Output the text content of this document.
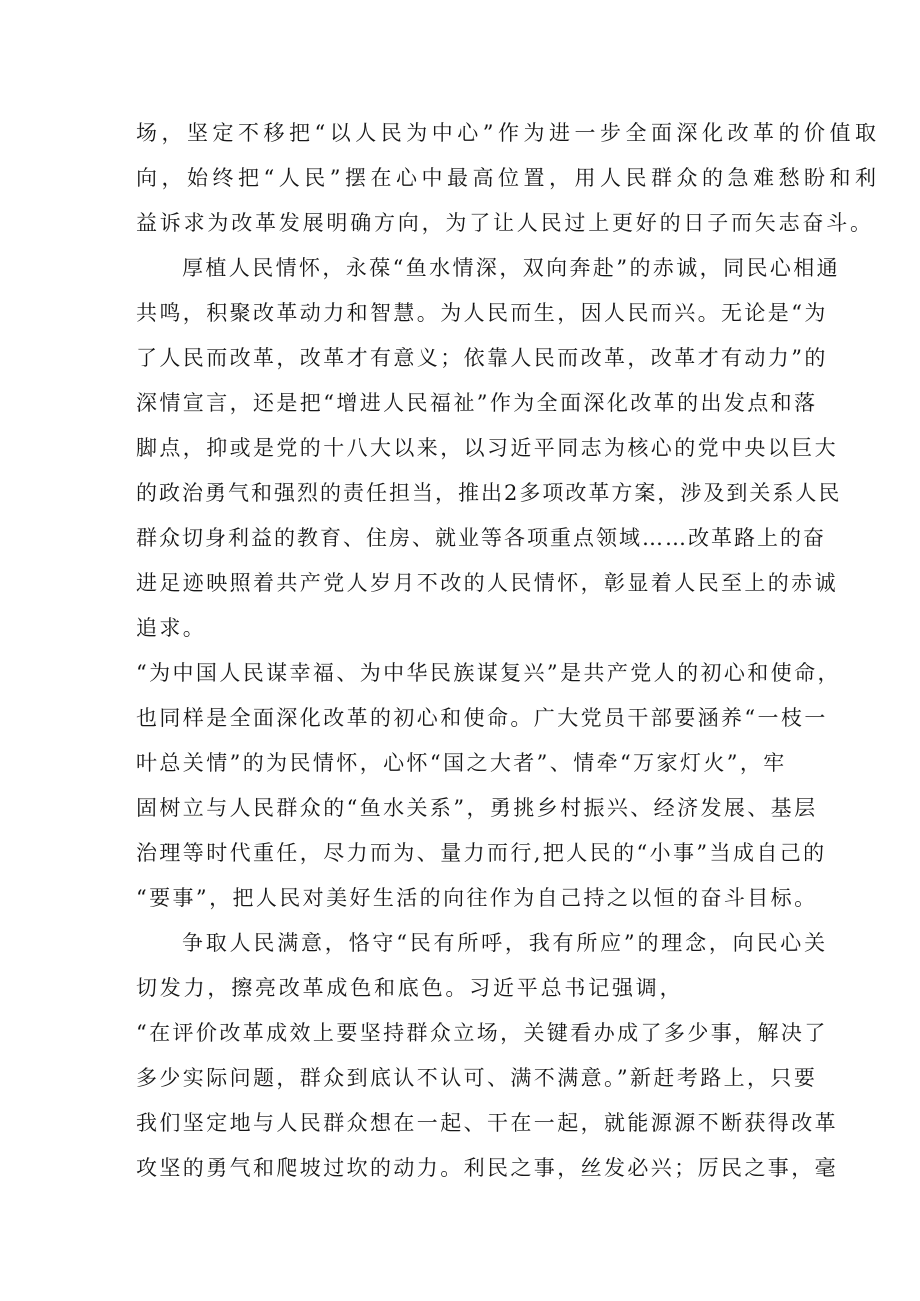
场，坚定不移把“以人民为中心”作为进一步全面深化改革的价值取
向，始终把“人民”摆在心中最高位置，用人民群众的急难愁盼和利
益诉求为改革发展明确方向，为了让人民过上更好的日子而矢志奋斗。
厚植人民情怀，永葆“鱼水情深，双向奔赴”的赤诚，同民心相通
共鸣，积聚改革动力和智慧。为人民而生，因人民而兴。无论是“为
了人民而改革，改革才有意义；依靠人民而改革，改革才有动力”的
深情宣言，还是把“增进人民福祉”作为全面深化改革的出发点和落
脚点，抑或是党的十八大以来，以习近平同志为核心的党中央以巨大
的政治勇气和强烈的责任担当，推出2多项改革方案，涉及到关系人民
群众切身利益的教育、住房、就业等各项重点领域……改革路上的奋
进足迹映照着共产党人岁月不改的人民情怀，彰显着人民至上的赤诚
追求。
“为中国人民谋幸福、为中华民族谋复兴”是共产党人的初心和使命，
也同样是全面深化改革的初心和使命。广大党员干部要涵养“一枝一
叶总关情”的为民情怀，心怀“国之大者”、情牵“万家灯火”，牢
固树立与人民群众的“鱼水关系”，勇挑乡村振兴、经济发展、基层
治理等时代重任，尽力而为、量力而行,把人民的“小事”当成自己的
“要事”，把人民对美好生活的向往作为自己持之以恒的奋斗目标。
争取人民满意，恪守“民有所呼，我有所应”的理念，向民心关
切发力，擦亮改革成色和底色。习近平总书记强调，
“在评价改革成效上要坚持群众立场，关键看办成了多少事，解决了
多少实际问题，群众到底认不认可、满不满意。”新赶考路上，只要
我们坚定地与人民群众想在一起、干在一起，就能源源不断获得改革
攻坚的勇气和爬坡过坎的动力。利民之事，丝发必兴；厉民之事，毫
